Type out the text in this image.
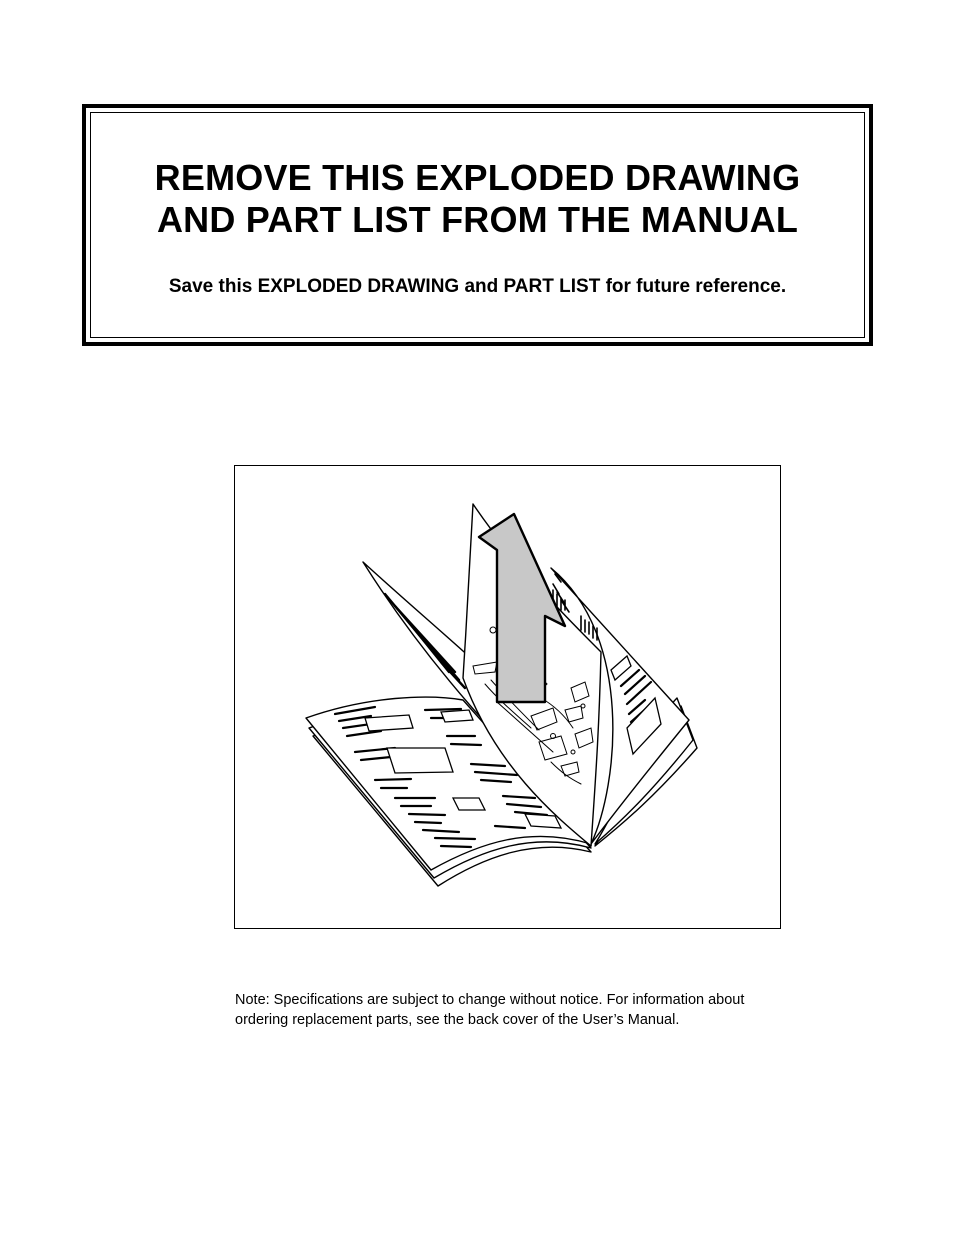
REMOVE THIS EXPLODED DRAWING
AND PART LIST FROM THE MANUAL

Save this EXPLODED DRAWING and PART LIST for future reference.

Note: Specifications are subject to change without notice. For information about
ordering replacement parts, see the back cover of the User’s Manual.
